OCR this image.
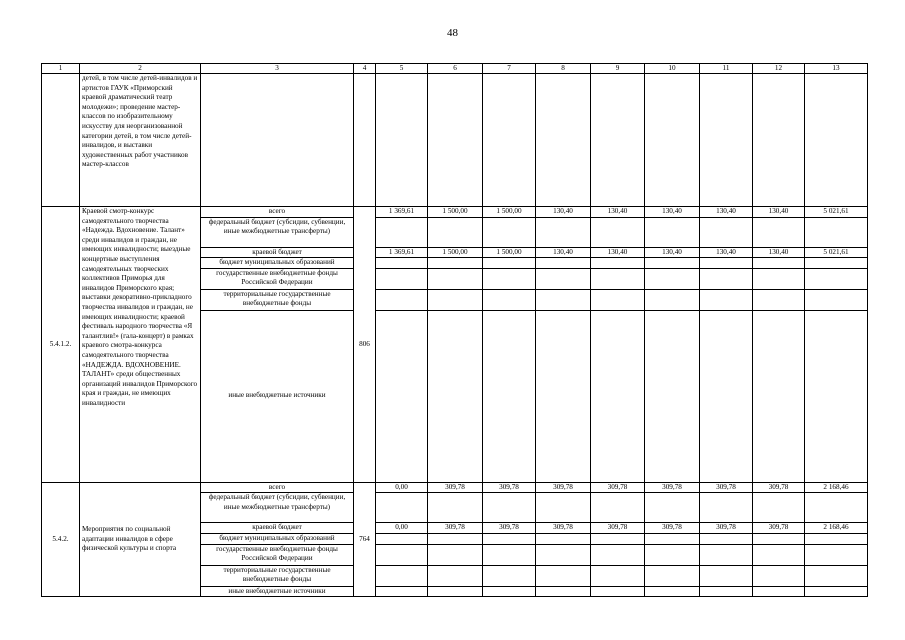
48
1	2	3	4	5	6	7	8	9	10	11	12	13
	детей, в том числе детей-инвалидов и артистов ГАУК «Приморский краевой драматический театр молодежи»; проведение мастер-классов по изобразительному искусству для неорганизованной категории детей, в том числе детей-инвалидов, и выставки художественных работ участников мастер-классов											
5.4.1.2.	Краевой смотр-конкурс самодеятельного творчества «Надежда. Вдохновение. Талант» среди инвалидов и граждан, не имеющих инвалидности; выездные концертные выступления самодеятельных творческих коллективов Приморья для инвалидов Приморского края; выставки декоративно-прикладного творчества инвалидов и граждан, не имеющих инвалидности; краевой фестиваль народного творчества «Я талантлив!» (гала-концерт) в рамках краевого смотра-конкурса самодеятельного творчества «НАДЕЖДА. ВДОХНОВЕНИЕ. ТАЛАНТ» среди общественных организаций инвалидов Приморского края и граждан, не имеющих инвалидности	всего	806	1 369,61	1 500,00	1 500,00	130,40	130,40	130,40	130,40	130,40	5 021,61
		федеральный бюджет (субсидии, субвенции, иные межбюджетные трансферты)										
		краевой бюджет		1 369,61	1 500,00	1 500,00	130,40	130,40	130,40	130,40	130,40	5 021,61
		бюджет муниципальных образований										
		государственные внебюджетные фонды Российской Федерации										
		территориальные государственные внебюджетные фонды										
		иные внебюджетные источники										
5.4.2.	Мероприятия по социальной адаптации инвалидов в сфере физической культуры и спорта	всего	764	0,00	309,78	309,78	309,78	309,78	309,78	309,78	309,78	2 168,46
		федеральный бюджет (субсидии, субвенции, иные межбюджетные трансферты)										
		краевой бюджет		0,00	309,78	309,78	309,78	309,78	309,78	309,78	309,78	2 168,46
		бюджет муниципальных образований										
		государственные внебюджетные фонды Российской Федерации										
		территориальные государственные внебюджетные фонды										
		иные внебюджетные источники										
